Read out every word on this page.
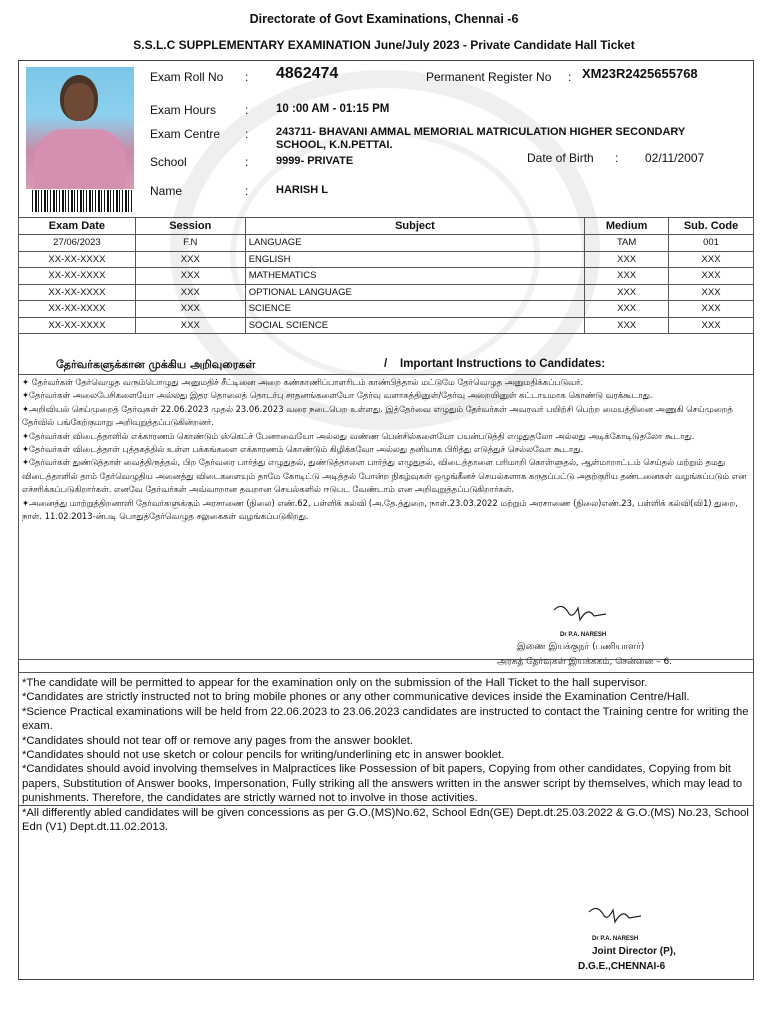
Directorate of Govt Examinations, Chennai -6
S.S.L.C SUPPLEMENTARY EXAMINATION June/July 2023 - Private Candidate Hall Ticket
Exam Roll No : 4862474	Permanent Register No : XM23R2425655768
Exam Hours : 10 :00 AM - 01:15 PM
Exam Centre :	243711- BHAVANI AMMAL MEMORIAL MATRICULATION HIGHER SECONDARY SCHOOL, K.N.PETTAI.
School	:	9999- PRIVATE	Date of Birth : 02/11/2007
Name	:	HARISH L
Exam Date	Session	Subject	Medium	Sub. Code
27/06/2023	F.N	LANGUAGE	TAM	001
XX-XX-XXXX	XXX	ENGLISH	XXX	XXX
XX-XX-XXXX	XXX	MATHEMATICS	XXX	XXX
XX-XX-XXXX	XXX	OPTIONAL LANGUAGE	XXX	XXX
XX-XX-XXXX	XXX	SCIENCE	XXX	XXX
XX-XX-XXXX	XXX	SOCIAL SCIENCE	XXX	XXX
தேர்வர்களுக்கான முக்கிய அறிவுரைகள்	/ Important Instructions to Candidates:

✦ தேர்வர்கள் தேர்வெழுத வரும்பொழுது அனுமதிச் சீட்டினை அறை கண்காணிப்பாளரிடம் காண்பித்தால் மட்டுமே தேர்வெழுத அனுமதிக்கப்படுவர்.

✦தேர்வர்கள் அலைபேசிகளையோ அல்லது இதர தொலைத் தொடர்பு சாதனங்களையோ தேர்வு வளாகத்தினுள்/தேர்வு அறையினுள் கட்டாயமாக கொண்டு வரக்கூடாது.

✦அறிவியல் செய்முறைத் தேர்வுகள் 22.06.2023 முதல் 23.06.2023 வரை நடைபெற உள்ளது. இத்தேர்வை எழுதும் தேர்வர்கள் அவரவர் பயிற்சி பெற்ற மையத்தினை அணுகி செய்முறைத் தேர்வில் பங்கேற்குமாறு அறிவுறுத்தப்படுகின்றனர்.

✦தேர்வர்கள் விடைத்தாளில் எக்காரணம் கொண்டும் ஸ்கெட்ச் பேனாவையோ அல்லது வண்ண பென்சில்களையோ பயன்படுத்தி எழுதுதலோ அல்லது அடிக்கோடிடுதலோ கூடாது.

✦தேர்வர்கள் விடைத்தாள் புத்தகத்தில் உள்ள பக்கங்களை எக்காரணம் கொண்டும் கிழிக்கவோ அல்லது தனியாக பிரித்து எடுத்துச் செல்லவோ கூடாது.

✦தேர்வர்கள் துண்டுத்தாள் வைத்திருத்தல், பிற தேர்வரை பார்த்து எழுதுதல், துண்டுத்தாளை பார்த்து எழுதுதல், விடைத்தாளை பரிமாறி கொள்ளுதல், ஆள்மாறாட்டம் செய்தல் மற்றும் தமது விடைத்தாளில் தாம் தேர்வெழுதிய அனைத்து விடைகளையும் தாமே கோடிட்டு அடித்தல் போன்ற நிகழ்வுகள் ஒழுங்கீனச் செயல்களாக கருதப்பட்டு அதற்குரிய தண்டனைகள் வழங்கப்படும் என எச்சரிக்கப்படுகிறார்கள். எனவே தேர்வர்கள் அவ்வாறான தவறான செயல்களில் ஈடுபட வேண்டாம் என அறிவுறுத்தப்படுகிறார்கள்.

✦அனைத்து மாற்றுத்திறனாளி தேர்வர்களுக்கும் அரசாணை (நிலை) எண்.62, பள்ளிக் கல்வி (அ.தே.த்துறை, நாள்.23.03.2022 மற்றும் அரசாணை (நிலை)எண்.23, பள்ளிக் கல்வி(வி1) துறை, நாள். 11.02.2013-ன்படி பொதுத்தேர்வெழுத சலுகைகள் வழங்கப்படுகிறது.

Dr P.A. NARESH
இணை இயக்குநர் (பணியாளர்)
அரசுத் தேர்வுகள் இயக்ககம், சென்னை – 6.

*The candidate will be permitted to appear for the examination only on the submission of the Hall Ticket to the hall supervisor.

*Candidates are strictly instructed not to bring mobile phones or any other communicative devices inside the Examination Centre/Hall.

*Science Practical examinations will be held from 22.06.2023 to 23.06.2023 candidates are instructed to contact the Training centre for writing the exam.

*Candidates should not tear off or remove any pages from the answer booklet.

*Candidates should not use sketch or colour pencils for writing/underlining etc in answer booklet.

*Candidates should avoid involving themselves in Malpractices like Possession of bit papers, Copying from other candidates, Copying from bit papers, Substitution of Answer books, Impersonation, Fully striking all the answers written in the answer script by themselves, which may lead to punishments. Therefore, the candidates are strictly warned not to involve in those activities.

*All differently abled candidates will be given concessions as per G.O.(MS)No.62, School Edn(GE) Dept.dt.25.03.2022 & G.O.(MS) No.23, School Edn (V1) Dept.dt.11.02.2013.

Dr P.A. NARESH
Joint Director (P),
D.G.E.,CHENNAI-6
